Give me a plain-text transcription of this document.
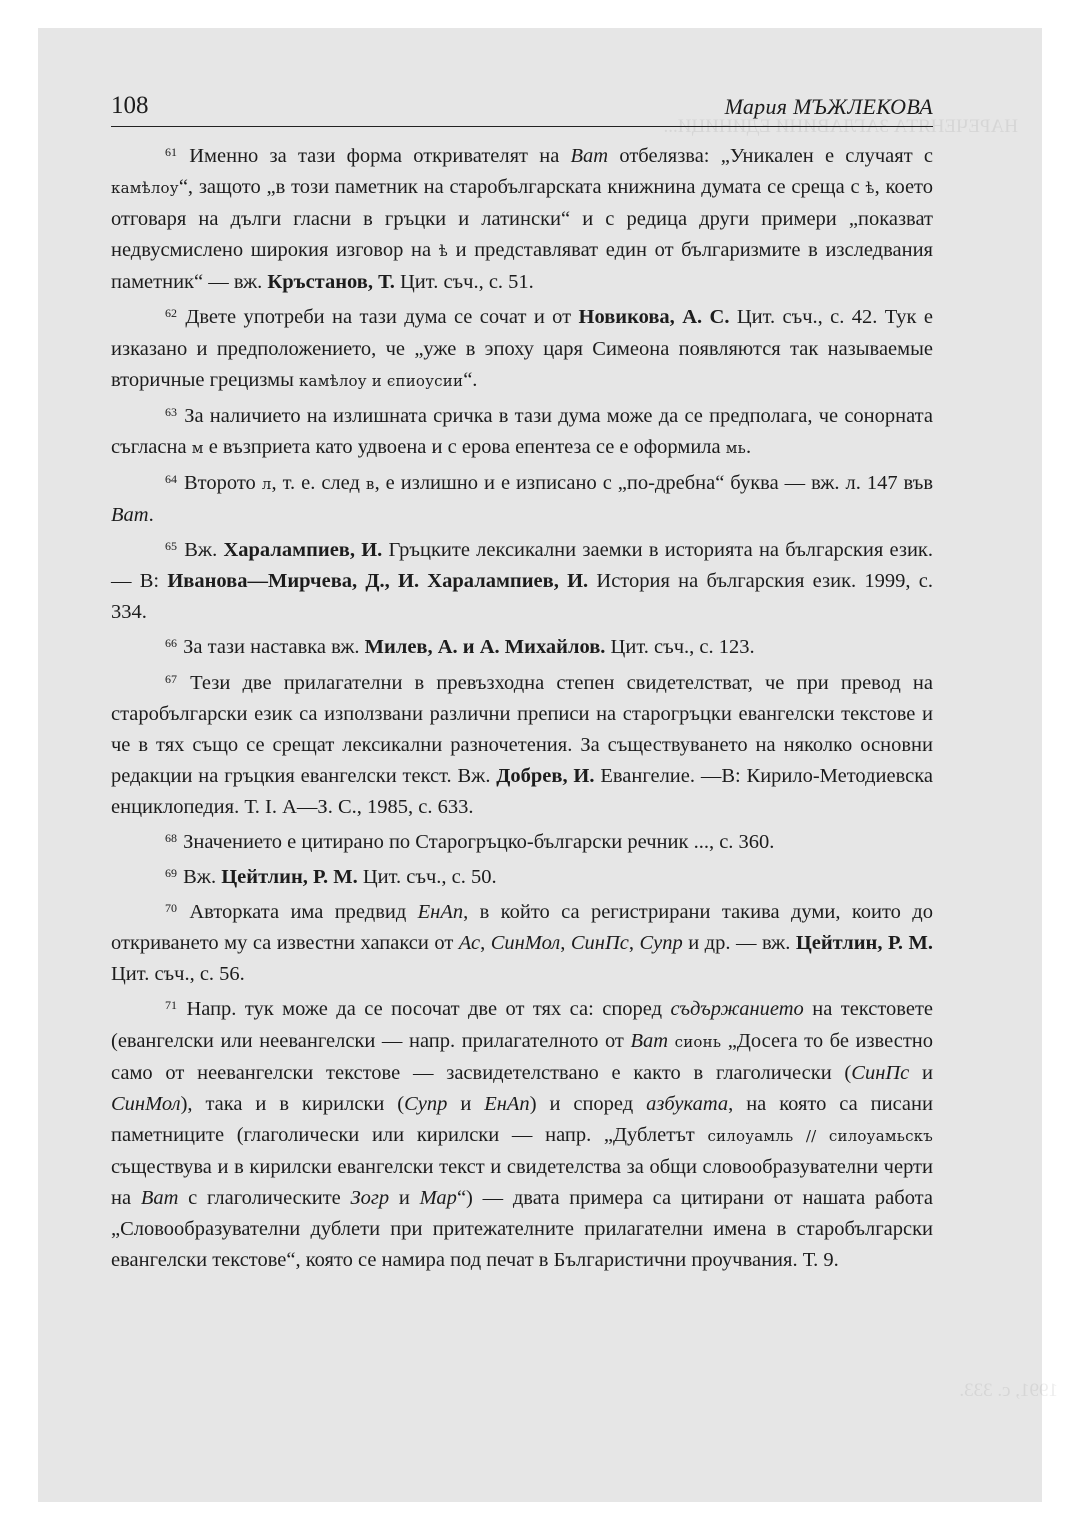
НАРЕЧЕНЯТА ЗАГЛАВИНИ ЕДИНИЦИ...
1991, с. 333.
108	Мария МЪЖЛЕКОВА

$^{61}$ Именно за тази форма откривателят на Ват отбелязва: „Уникален е случаят с камѣлоу“, защото „в този паметник на старобългарската книжнина думата се среща с ѣ, което отговаря на дълги гласни в гръцки и латински“ и с редица други примери „показват недвусмислено широкия изговор на ѣ и представляват един от българизмите в изследвания паметник“ — вж. Кръстанов, Т. Цит. съч., с. 51.

$^{62}$ Двете употреби на тази дума се сочат и от Новикова, А. С. Цит. съч., с. 42. Тук е изказано и предположението, че „уже в эпоху царя Симеона появляются так называемые вторичные грецизмы камѣлоу и єпиоусии“.

$^{63}$ За наличието на излишната сричка в тази дума може да се предполага, че сонорната съгласна м е възприета като удвоена и с ерова епентеза се е оформила мь.

$^{64}$ Второто л, т. е. след в, е излишно и е изписано с „по-дребна“ буква — вж. л. 147 във Ват.

$^{65}$ Вж. Харалампиев, И. Гръцките лексикални заемки в историята на българския език. — В: Иванова—Мирчева, Д., И. Харалампиев, И. История на българския език. 1999, с. 334.

$^{66}$ За тази наставка вж. Милев, А. и А. Михайлов. Цит. съч., с. 123.

$^{67}$ Тези две прилагателни в превъзходна степен свидетелстват, че при превод на старобългарски език са използвани различни преписи на старогръцки евангелски текстове и че в тях също се срещат лексикални разночетения. За съществуването на няколко основни редакции на гръцкия евангелски текст. Вж. Добрев, И. Евангелие. —В: Кирило-Методиевска енциклопедия. Т. I. А—З. С., 1985, с. 633.

$^{68}$ Значението е цитирано по Старогръцко-български речник ..., с. 360.

$^{69}$ Вж. Цейтлин, Р. М. Цит. съч., с. 50.

$^{70}$ Авторката има предвид ЕнАп, в който са регистрирани такива думи, които до откриването му са известни хапакси от Ас, СинМол, СинПс, Супр и др. — вж. Цейтлин, Р. М. Цит. съч., с. 56.

$^{71}$ Напр. тук може да се посочат две от тях са: според съдържанието на текстовете (евангелски или неевангелски — напр. прилагателното от Ват сионь „Досега то бе известно само от неевангелски текстове — засвидетелствано е както в глаголически (СинПс и СинМол), така и в кирилски (Супр и ЕнАп) и според азбуката, на която са писани паметниците (глаголически или кирилски — напр. „Дублетът силоуамль // силоуамьскъ съществува и в кирилски евангелски текст и свидетелства за общи словообразувателни черти на Ват с глаголическите Зогр и Мар“) — двата примера са цитирани от нашата работа „Словообразувателни дублети при притежателните прилагателни имена в старобългарски евангелски текстове“, която се намира под печат в Българистични проучвания. Т. 9.
